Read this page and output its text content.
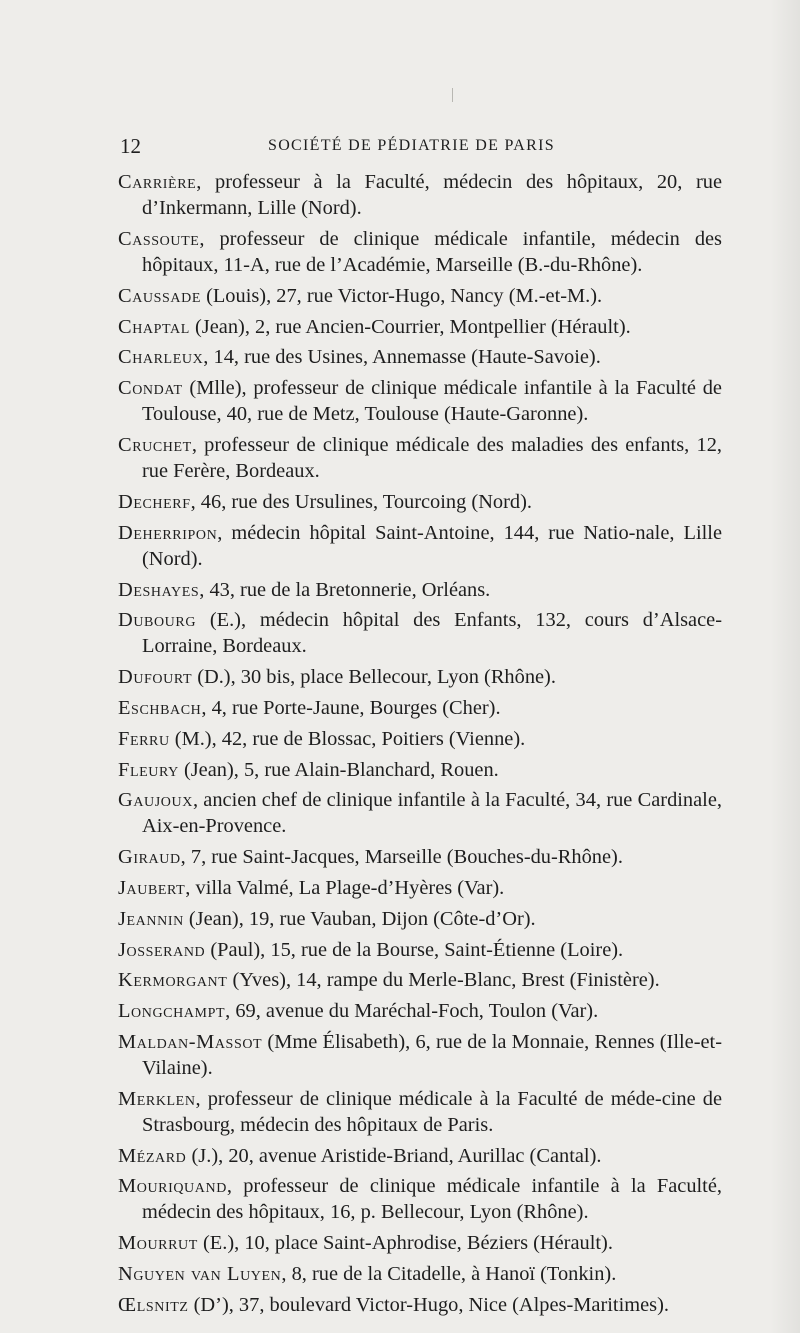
12	SOCIÉTÉ DE PÉDIATRIE DE PARIS

Carrière, professeur à la Faculté, médecin des hôpitaux, 20, rue d’Inkermann, Lille (Nord).

Cassoute, professeur de clinique médicale infantile, médecin des hôpitaux, 11-A, rue de l’Académie, Marseille (B.-du-Rhône).

Caussade (Louis), 27, rue Victor-Hugo, Nancy (M.-et-M.).

Chaptal (Jean), 2, rue Ancien-Courrier, Montpellier (Hérault).

Charleux, 14, rue des Usines, Annemasse (Haute-Savoie).

Condat (Mlle), professeur de clinique médicale infantile à la Faculté de Toulouse, 40, rue de Metz, Toulouse (Haute-Garonne).

Cruchet, professeur de clinique médicale des maladies des enfants, 12, rue Ferère, Bordeaux.

Decherf, 46, rue des Ursulines, Tourcoing (Nord).

Deherripon, médecin hôpital Saint-Antoine, 144, rue Natio-nale, Lille (Nord).

Deshayes, 43, rue de la Bretonnerie, Orléans.

Dubourg (E.), médecin hôpital des Enfants, 132, cours d’Alsace-Lorraine, Bordeaux.

Dufourt (D.), 30 bis, place Bellecour, Lyon (Rhône).

Eschbach, 4, rue Porte-Jaune, Bourges (Cher).

Ferru (M.), 42, rue de Blossac, Poitiers (Vienne).

Fleury (Jean), 5, rue Alain-Blanchard, Rouen.

Gaujoux, ancien chef de clinique infantile à la Faculté, 34, rue Cardinale, Aix-en-Provence.

Giraud, 7, rue Saint-Jacques, Marseille (Bouches-du-Rhône).

Jaubert, villa Valmé, La Plage-d’Hyères (Var).

Jeannin (Jean), 19, rue Vauban, Dijon (Côte-d’Or).

Josserand (Paul), 15, rue de la Bourse, Saint-Étienne (Loire).

Kermorgant (Yves), 14, rampe du Merle-Blanc, Brest (Finistère).

Longchampt, 69, avenue du Maréchal-Foch, Toulon (Var).

Maldan-Massot (Mme Élisabeth), 6, rue de la Monnaie, Rennes (Ille-et-Vilaine).

Merklen, professeur de clinique médicale à la Faculté de méde-cine de Strasbourg, médecin des hôpitaux de Paris.

Mézard (J.), 20, avenue Aristide-Briand, Aurillac (Cantal).

Mouriquand, professeur de clinique médicale infantile à la Faculté, médecin des hôpitaux, 16, p. Bellecour, Lyon (Rhône).

Mourrut (E.), 10, place Saint-Aphrodise, Béziers (Hérault).

Nguyen van Luyen, 8, rue de la Citadelle, à Hanoï (Tonkin).

Œlsnitz (D’), 37, boulevard Victor-Hugo, Nice (Alpes-Maritimes).
